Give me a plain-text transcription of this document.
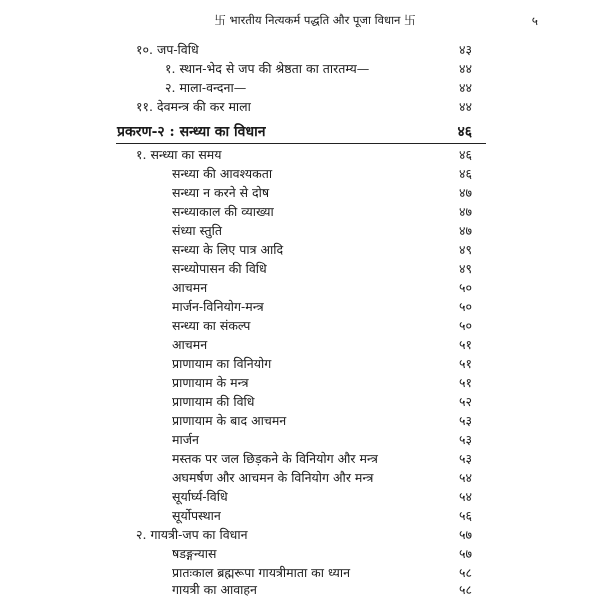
卐 भारतीय नित्यकर्म पद्धति और पूजा विधान 卐	५
१०. जप-विधि	४३
१. स्थान-भेद से जप की श्रेष्ठता का तारतम्य—	४४
२. माला-वन्दना—	४४
११. देवमन्त्र की कर माला	४४
प्रकरण-२ : सन्ध्या का विधान	४६
१. सन्ध्या का समय	४६
सन्ध्या की आवश्यकता	४६
सन्ध्या न करने से दोष	४७
सन्ध्याकाल की व्याख्या	४७
संध्या स्तुति	४७
सन्ध्या के लिए पात्र आदि	४९
सन्ध्योपासन की विधि	४९
आचमन	५०
मार्जन-विनियोग-मन्त्र	५०
सन्ध्या का संकल्प	५०
आचमन	५१
प्राणायाम का विनियोग	५१
प्राणायाम के मन्त्र	५१
प्राणायाम की विधि	५२
प्राणायाम के बाद आचमन	५३
मार्जन	५३
मस्तक पर जल छिड़कने के विनियोग और मन्त्र	५३
अघमर्षण और आचमन के विनियोग और मन्त्र	५४
सूर्यार्घ्य-विधि	५४
सूर्योपस्थान	५६
२. गायत्री-जप का विधान	५७
षडङ्गन्यास	५७
प्रातःकाल ब्रह्मरूपा गायत्रीमाता का ध्यान	५८
गायत्री का आवाहन	५८
